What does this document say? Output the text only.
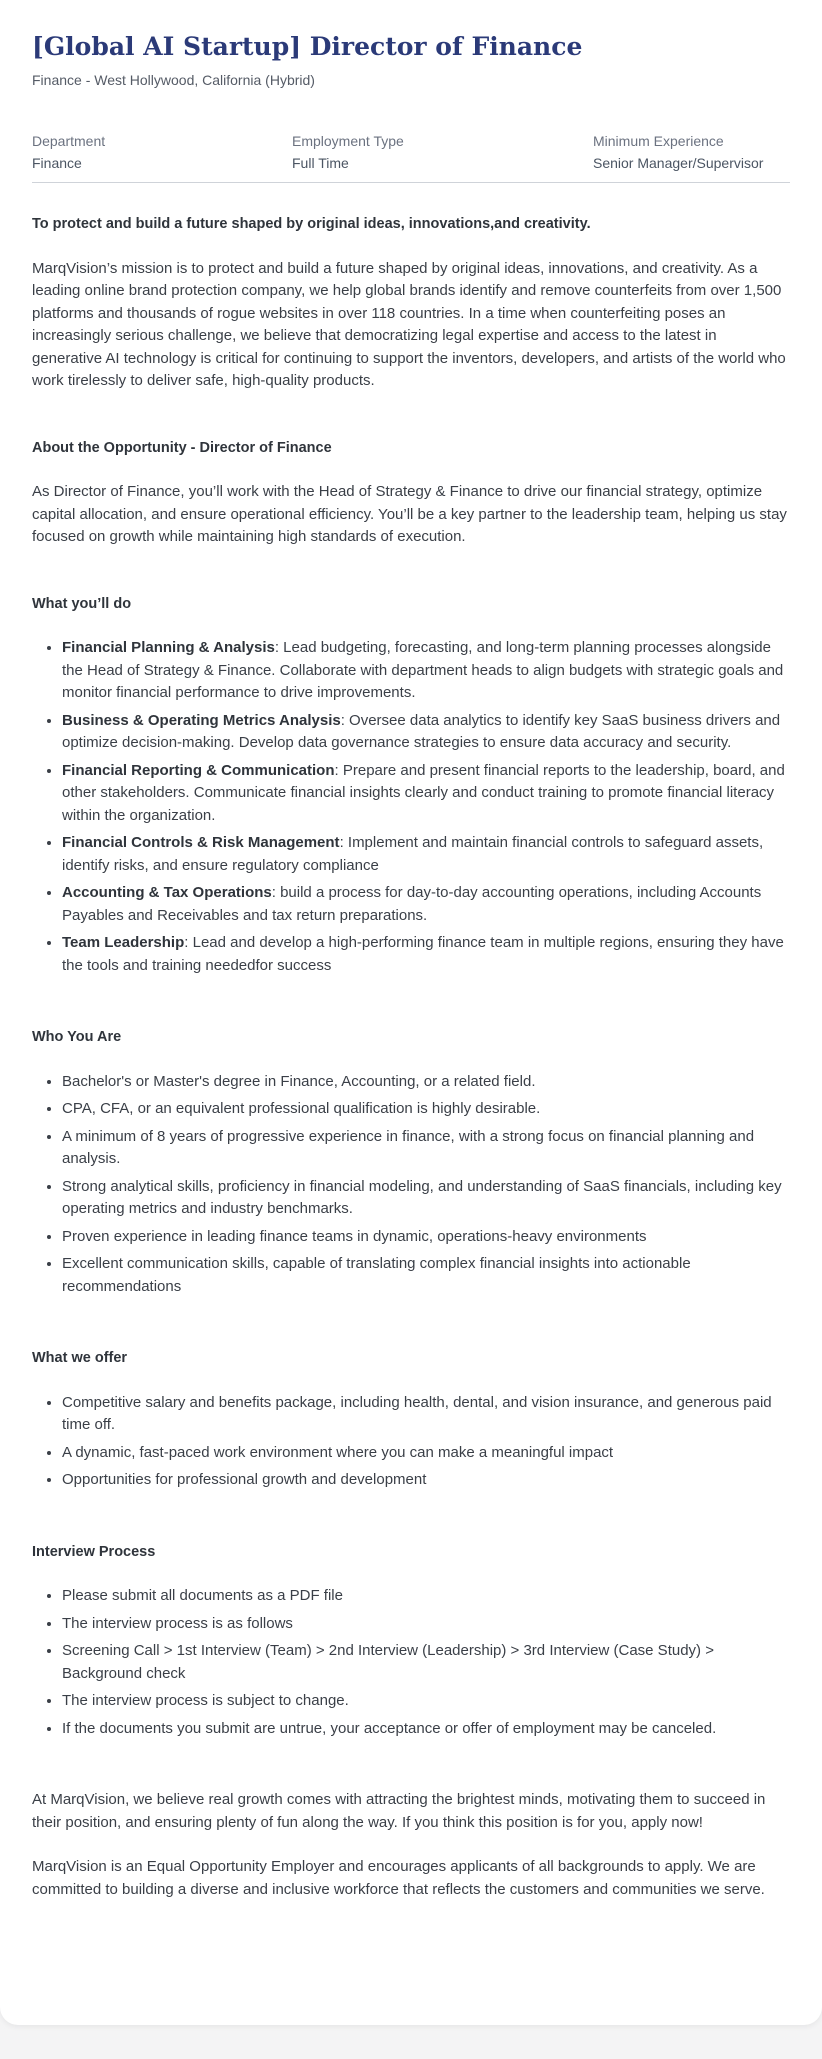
[Global AI Startup] Director of Finance

Finance - West Hollywood, California (Hybrid)

Department
Finance
Employment Type
Full Time
Minimum Experience
Senior Manager/Supervisor

To protect and build a future shaped by original ideas, innovations,and creativity.

MarqVision’s mission is to protect and build a future shaped by original ideas, innovations, and creativity. As a leading online brand protection company, we help global brands identify and remove counterfeits from over 1,500 platforms and thousands of rogue websites in over 118 countries. In a time when counterfeiting poses an increasingly serious challenge, we believe that democratizing legal expertise and access to the latest in generative AI technology is critical for continuing to support the inventors, developers, and artists of the world who work tirelessly to deliver safe, high-quality products.

About the Opportunity - Director of Finance

As Director of Finance, you’ll work with the Head of Strategy & Finance to drive our financial strategy, optimize capital allocation, and ensure operational efficiency. You’ll be a key partner to the leadership team, helping us stay focused on growth while maintaining high standards of execution.

What you’ll do

• Financial Planning & Analysis: Lead budgeting, forecasting, and long-term planning processes alongside the Head of Strategy & Finance. Collaborate with department heads to align budgets with strategic goals and monitor financial performance to drive improvements.
• Business & Operating Metrics Analysis: Oversee data analytics to identify key SaaS business drivers and optimize decision-making. Develop data governance strategies to ensure data accuracy and security.
• Financial Reporting & Communication: Prepare and present financial reports to the leadership, board, and other stakeholders. Communicate financial insights clearly and conduct training to promote financial literacy within the organization.
• Financial Controls & Risk Management: Implement and maintain financial controls to safeguard assets, identify risks, and ensure regulatory compliance
• Accounting & Tax Operations: build a process for day-to-day accounting operations, including Accounts Payables and Receivables and tax return preparations.
• Team Leadership: Lead and develop a high-performing finance team in multiple regions, ensuring they have the tools and training neededfor success

Who You Are

• Bachelor's or Master's degree in Finance, Accounting, or a related field.
• CPA, CFA, or an equivalent professional qualification is highly desirable.
• A minimum of 8 years of progressive experience in finance, with a strong focus on financial planning and analysis.
• Strong analytical skills, proficiency in financial modeling, and understanding of SaaS financials, including key operating metrics and industry benchmarks.
• Proven experience in leading finance teams in dynamic, operations-heavy environments
• Excellent communication skills, capable of translating complex financial insights into actionable recommendations

What we offer

• Competitive salary and benefits package, including health, dental, and vision insurance, and generous paid time off.
• A dynamic, fast-paced work environment where you can make a meaningful impact
• Opportunities for professional growth and development

Interview Process

• Please submit all documents as a PDF file
• The interview process is as follows
• Screening Call > 1st Interview (Team) > 2nd Interview (Leadership) > 3rd Interview (Case Study) > Background check
• The interview process is subject to change.
• If the documents you submit are untrue, your acceptance or offer of employment may be canceled.

At MarqVision, we believe real growth comes with attracting the brightest minds, motivating them to succeed in their position, and ensuring plenty of fun along the way. If you think this position is for you, apply now!

MarqVision is an Equal Opportunity Employer and encourages applicants of all backgrounds to apply. We are committed to building a diverse and inclusive workforce that reflects the customers and communities we serve.
